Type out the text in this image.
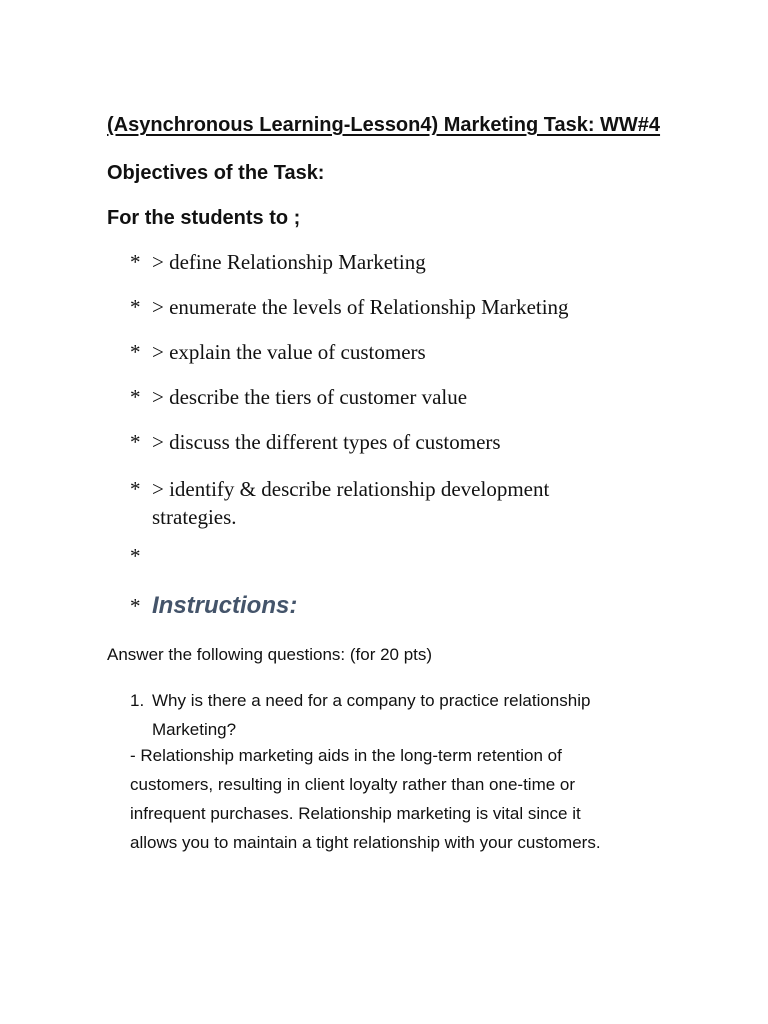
(Asynchronous Learning-Lesson4) Marketing Task: WW#4
Objectives of the Task:
For the students to ;
* > define Relationship Marketing
* > enumerate the levels of Relationship Marketing
* > explain the value of customers
* > describe the tiers of customer value
* > discuss the different types of customers
* > identify & describe relationship development
strategies.
*
* Instructions:
Answer the following questions: (for 20 pts)
1. Why is there a need for a company to practice relationship
Marketing?
- Relationship marketing aids in the long-term retention of
customers, resulting in client loyalty rather than one-time or
infrequent purchases. Relationship marketing is vital since it
allows you to maintain a tight relationship with your customers.
